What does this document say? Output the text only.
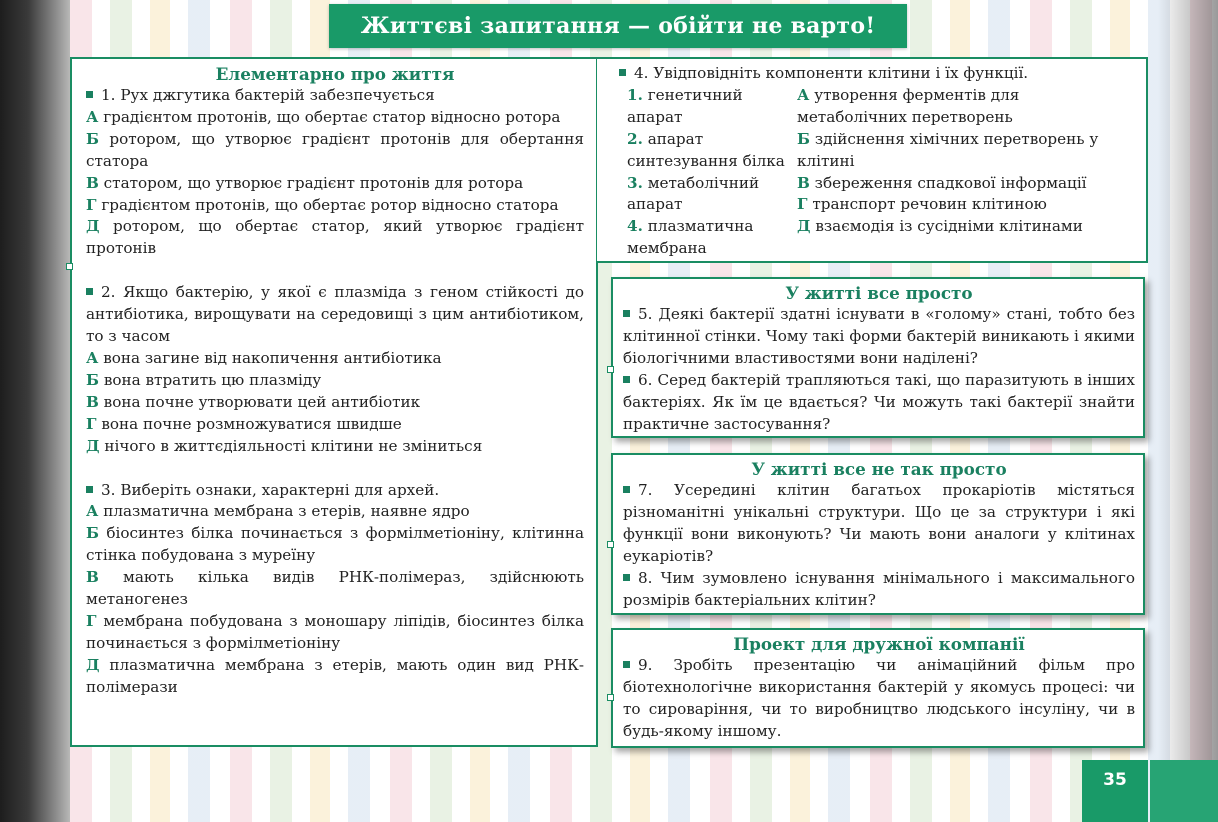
Життєві запитання — обійти не варто!
Елементарно про життя

1. Рух джгутика бактерій забезпечується

А градієнтом протонів, що обертає статор відносно ротора

Б ротором, що утворює градієнт протонів для обертання статора

В статором, що утворює градієнт протонів для ротора

Г градієнтом протонів, що обертає ротор відносно статора

Д ротором, що обертає статор, який утворює градієнт протонів

2. Якщо бактерію, у якої є плазміда з геном стійкості до антибіотика, вирощувати на середовищі з цим антибіотиком, то з часом

А вона загине від накопичення антибіотика

Б вона втратить цю плазміду

В вона почне утворювати цей антибіотик

Г вона почне розмножуватися швидше

Д нічого в життєдіяльності клітини не зміниться

3. Виберіть ознаки, характерні для архей.

А плазматична мембрана з етерів, наявне ядро

Б біосинтез білка починається з формілметіоніну, клітинна стінка побудована з муреїну

В мають кілька видів РНК-полімераз, здійснюють метаногенез

Г мембрана побудована з моношару ліпідів, біосинтез білка починається з формілметіоніну

Д плазматична мембрана з етерів, мають один вид РНК-полімерази

4. Увідповідніть компоненти клітини і їх функції.

1. генетичний апарат
2. апарат синтезування білка
3. метаболічний апарат
4. плазматична мембрана
А утворення ферментів для метаболічних перетворень
Б здійснення хімічних перетворень у клітині
В збереження спадкової інформації
Г транспорт речовин клітиною
Д взаємодія із сусідніми клітинами
У житті все просто

5. Деякі бактерії здатні існувати в «голому» стані, тобто без клітинної стінки. Чому такі форми бактерій виникають і якими біологічними властивостями вони наділені?

6. Серед бактерій трапляються такі, що паразитують в інших бактеріях. Як їм це вдається? Чи можуть такі бактерії знайти практичне застосування?

У житті все не так просто

7. Усередині клітин багатьох прокаріотів містяться різноманітні унікальні структури. Що це за структури і які функції вони виконують? Чи мають вони аналоги у клітинах еукаріотів?

8. Чим зумовлено існування мінімального і максимального розмірів бактеріальних клітин?

Проект для дружної компанії

9. Зробіть презентацію чи анімаційний фільм про біотехнологічне використання бактерій у якомусь процесі: чи то сироваріння, чи то виробництво людського інсуліну, чи в будь-якому іншому.

35
